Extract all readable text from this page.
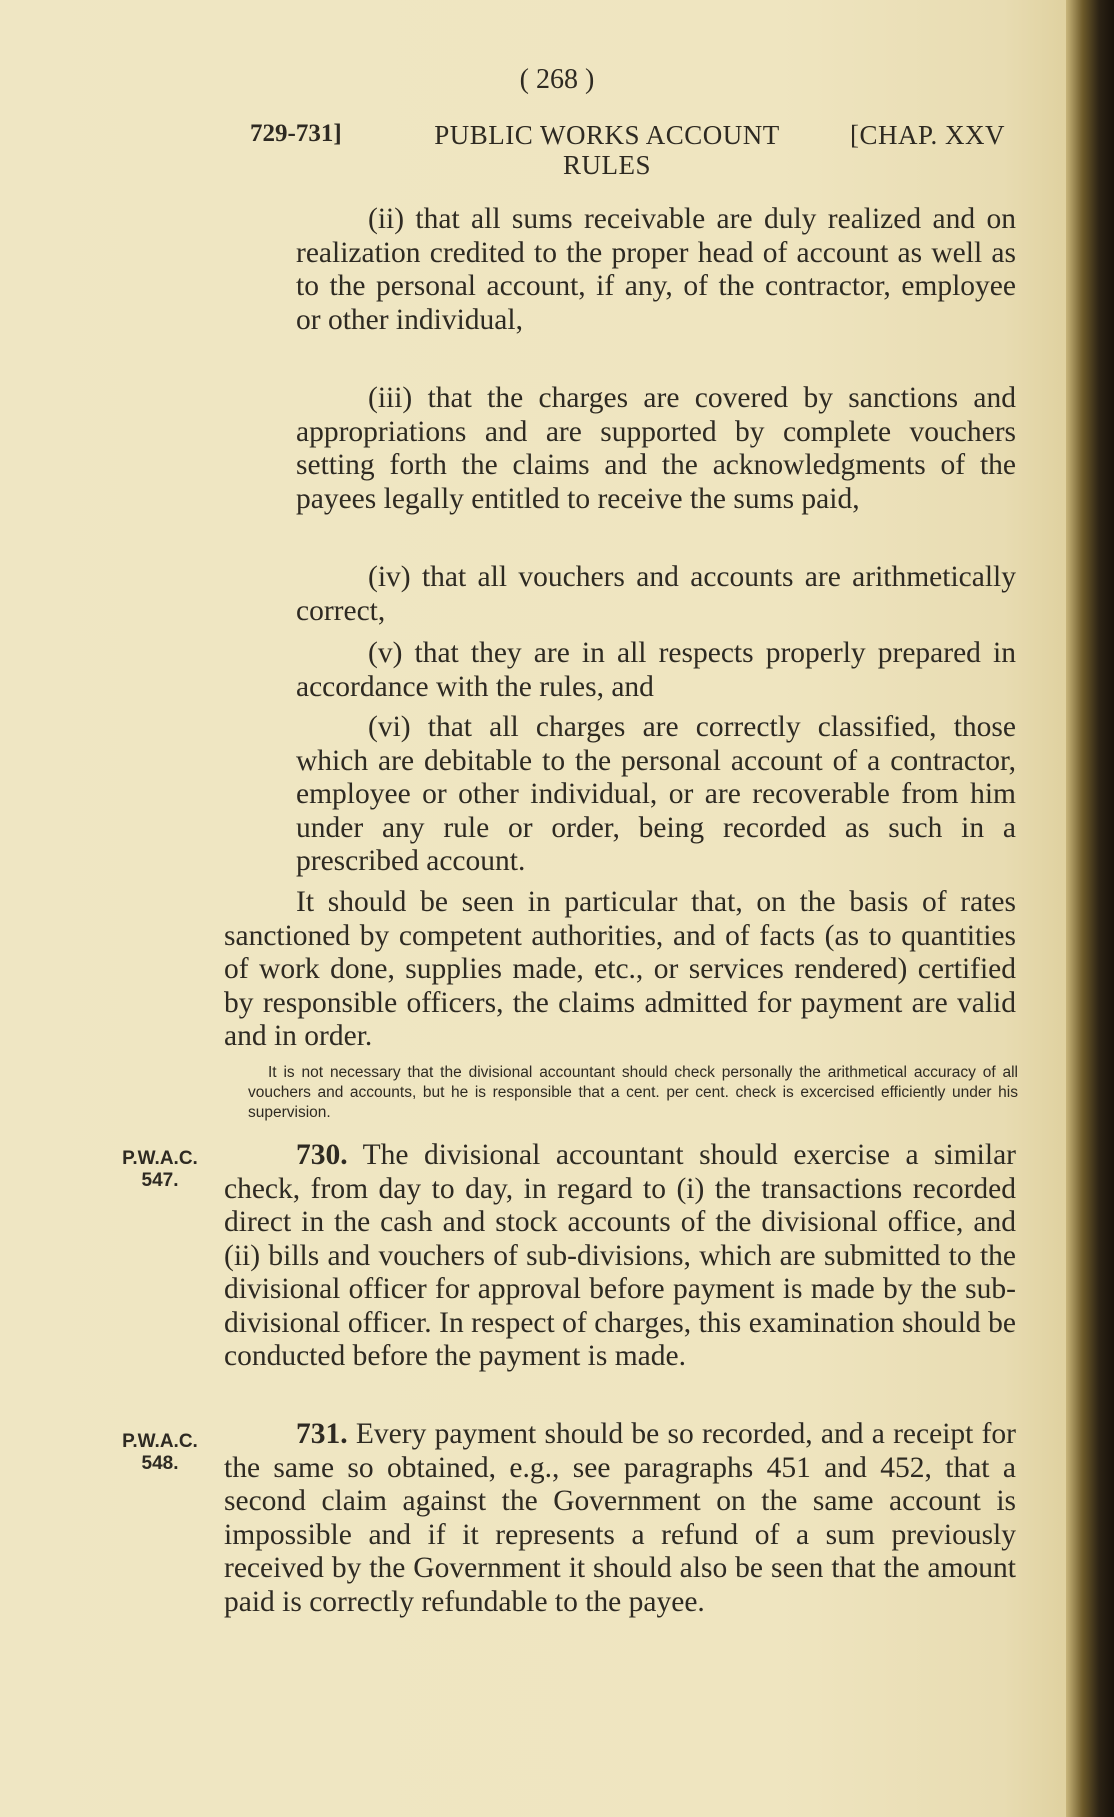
( 268 )
729-731]	PUBLIC WORKS ACCOUNT RULES
[CHAP. XXV
(ii) that all sums receivable are duly realized and on realization credited to the proper head of account as well as to the personal account, if any, of the contractor, employee or other individual,
(iii) that the charges are covered by sanctions and appropriations and are supported by complete vouchers setting forth the claims and the acknowledgments of the payees legally entitled to receive the sums paid,
(iv) that all vouchers and accounts are arithmetically correct,
(v) that they are in all respects properly prepared in accordance with the rules, and
(vi) that all charges are correctly classified, those which are debitable to the personal account of a contractor, employee or other individual, or are recoverable from him under any rule or order, being recorded as such in a prescribed account.
It should be seen in particular that, on the basis of rates sanctioned by competent authorities, and of facts (as to quantities of work done, supplies made, etc., or services rendered) certified by responsible officers, the claims admitted for payment are valid and in order.
It is not necessary that the divisional accountant should check personally the arithmetical accuracy of all vouchers and accounts, but he is responsible that a cent. per cent. check is excercised efficiently under his supervision.
P.W.A.C.
547.
730. The divisional accountant should exercise a similar check, from day to day, in regard to (i) the transactions recorded direct in the cash and stock accounts of the divisional office, and (ii) bills and vouchers of sub-divisions, which are submitted to the divisional officer for approval before payment is made by the sub-divisional officer. In respect of charges, this examination should be conducted before the payment is made.
P.W.A.C.
548.
731. Every payment should be so recorded, and a receipt for the same so obtained, e.g., see paragraphs 451 and 452, that a second claim against the Government on the same account is impossible and if it represents a refund of a sum previously received by the Government it should also be seen that the amount paid is correctly refundable to the payee.
